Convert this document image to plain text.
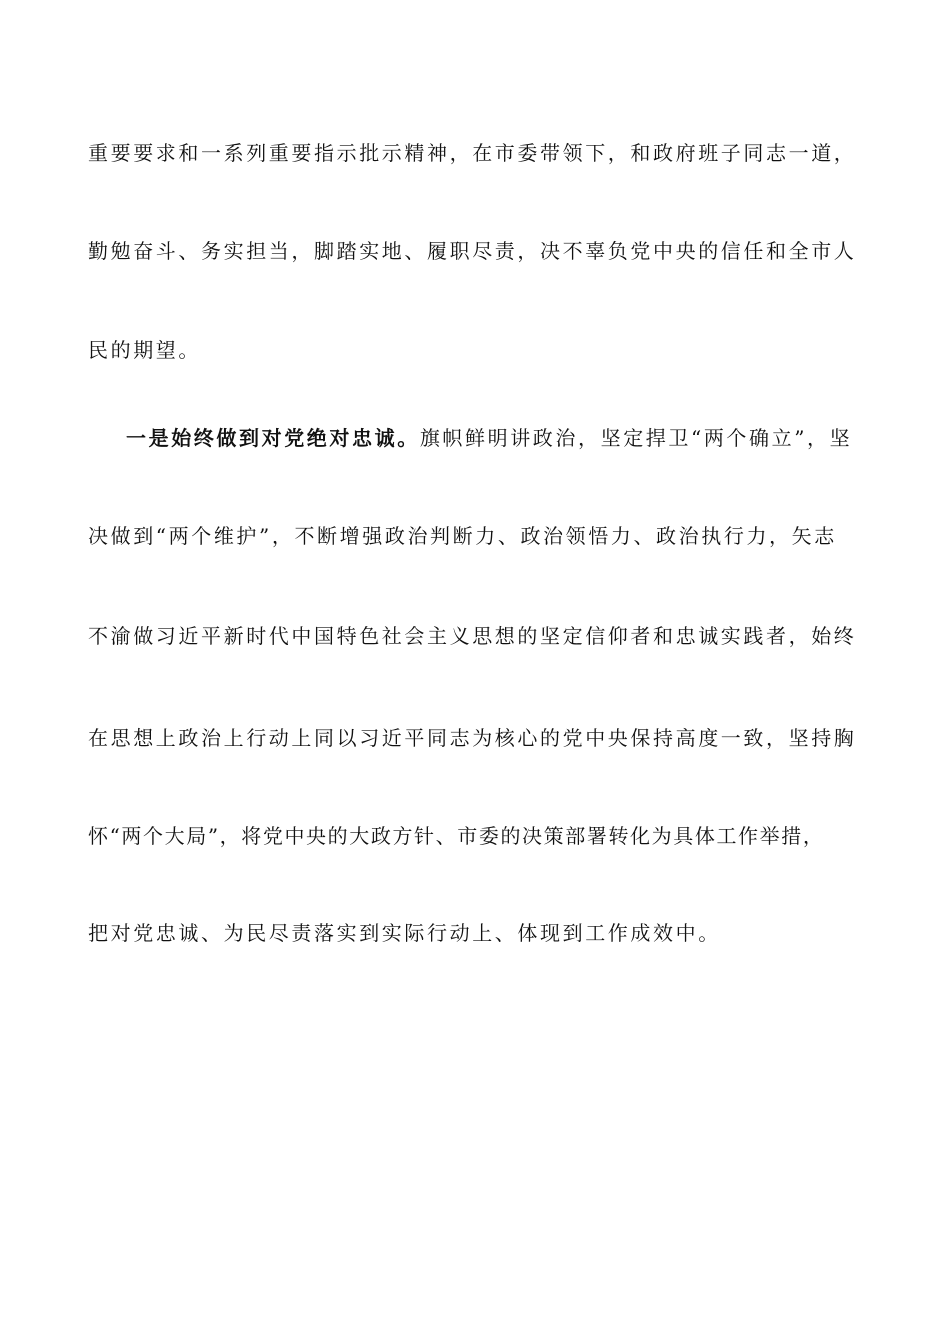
重要要求和一系列重要指示批示精神，在市委带领下，和政府班子同志一道，
勤勉奋斗、务实担当，脚踏实地、履职尽责，决不辜负党中央的信任和全市人
民的期望。
一是始终做到对党绝对忠诚。旗帜鲜明讲政治，坚定捍卫“两个确立”，坚
决做到“两个维护”，不断增强政治判断力、政治领悟力、政治执行力，矢志
不渝做习近平新时代中国特色社会主义思想的坚定信仰者和忠诚实践者，始终
在思想上政治上行动上同以习近平同志为核心的党中央保持高度一致，坚持胸
怀“两个大局”，将党中央的大政方针、市委的决策部署转化为具体工作举措，
把对党忠诚、为民尽责落实到实际行动上、体现到工作成效中。
